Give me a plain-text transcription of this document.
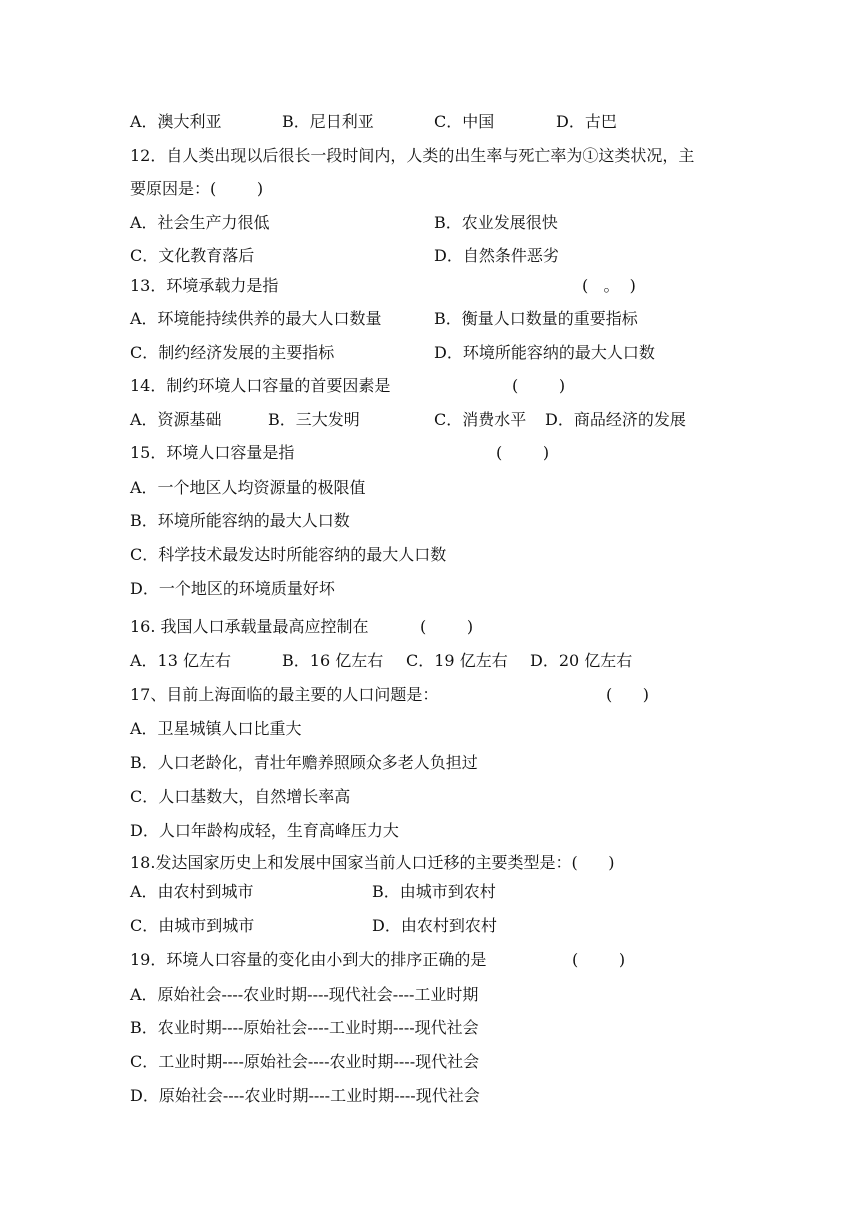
A．澳大利亚	B．尼日利亚	C．中国	D．古巴
12．自人类出现以后很长一段时间内，人类的出生率与死亡率为①这类状况，主
要原因是：(        )
A．社会生产力很低	B．农业发展很快
C．文化教育落后	D．自然条件恶劣
13．环境承载力是指	(   。  )
A．环境能持续供养的最大人口数量	B．衡量人口数量的重要指标
C．制约经济发展的主要指标	D．环境所能容纳的最大人口数
14．制约环境人口容量的首要因素是	(        )
A．资源基础	B．三大发明	C．消费水平 D．商品经济的发展
15．环境人口容量是指	(        )
A．一个地区人均资源量的极限值
B．环境所能容纳的最大人口数
C．科学技术最发达时所能容纳的最大人口数
D．一个地区的环境质量好坏
16. 我国人口承载量最高应控制在	(        )
A．13 亿左右	B．16 亿左右 C．19 亿左右 D．20 亿左右
17、目前上海面临的最主要的人口问题是：	(      )
A．卫星城镇人口比重大
B．人口老龄化，青壮年赡养照顾众多老人负担过
C．人口基数大，自然增长率高
D．人口年龄构成轻，生育高峰压力大
18.发达国家历史上和发展中国家当前人口迁移的主要类型是：(      )
A．由农村到城市	B．由城市到农村
C．由城市到城市	D．由农村到农村
19．环境人口容量的变化由小到大的排序正确的是	(        )
A．原始社会----农业时期----现代社会----工业时期
B．农业时期----原始社会----工业时期----现代社会
C．工业时期----原始社会----农业时期----现代社会
D．原始社会----农业时期----工业时期----现代社会
